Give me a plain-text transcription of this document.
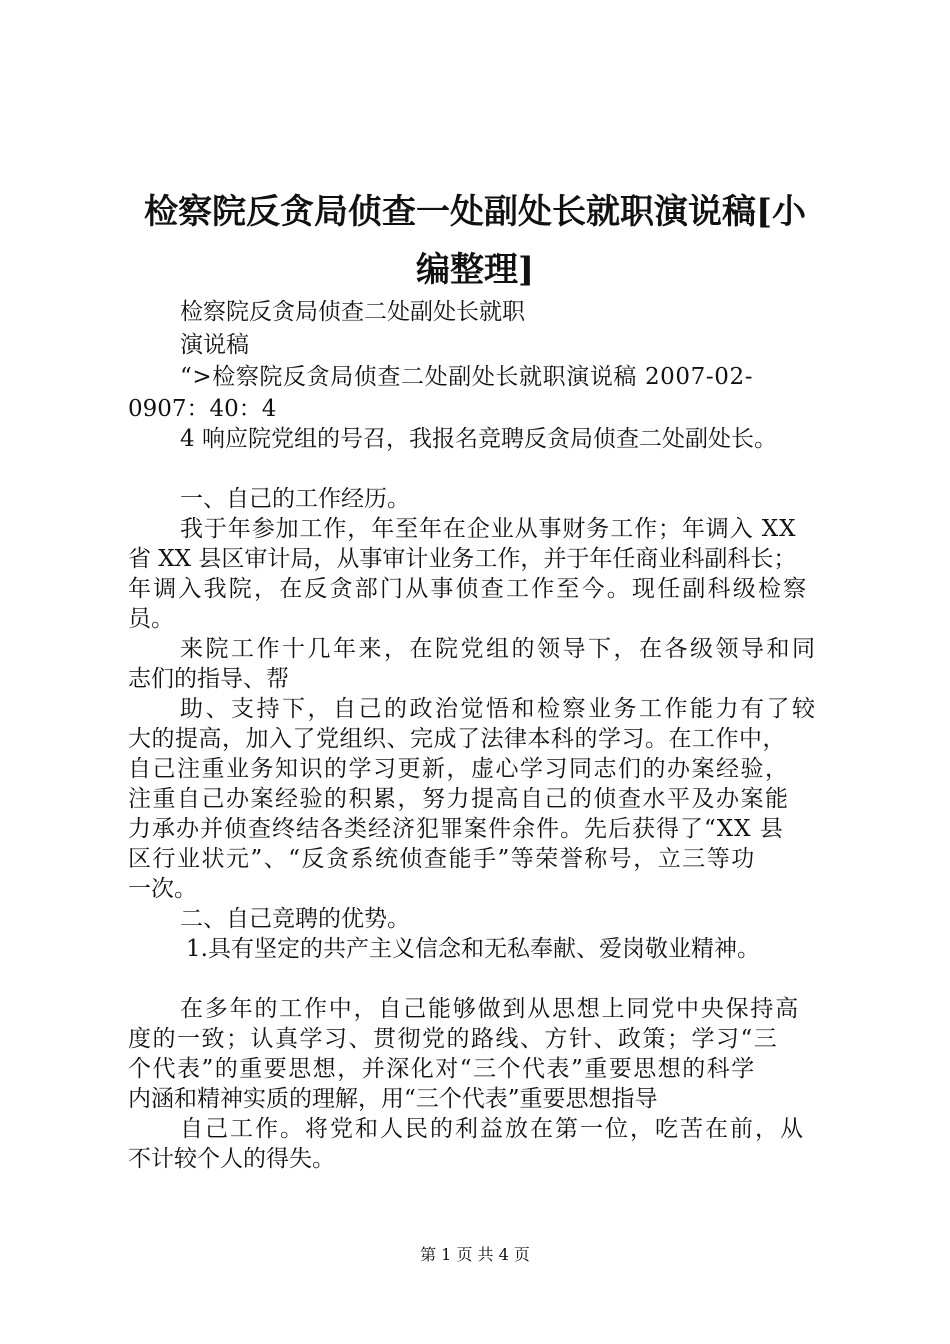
检察院反贪局侦查一处副处长就职演说稿[小
编整理]
检察院反贪局侦查二处副处长就职
演说稿
“>检察院反贪局侦查二处副处长就职演说稿 2007-02-
0907：40：4
4 响应院党组的号召，我报名竞聘反贪局侦查二处副处长。
一、自己的工作经历。
我于年参加工作，年至年在企业从事财务工作；年调入 XX
省 XX 县区审计局，从事审计业务工作，并于年任商业科副科长；
年调入我院，在反贪部门从事侦查工作至今。现任副科级检察
员。
来院工作十几年来，在院党组的领导下，在各级领导和同
志们的指导、帮
助、支持下，自己的政治觉悟和检察业务工作能力有了较
大的提高，加入了党组织、完成了法律本科的学习。在工作中，
自己注重业务知识的学习更新，虚心学习同志们的办案经验，
注重自己办案经验的积累，努力提高自己的侦查水平及办案能
力承办并侦查终结各类经济犯罪案件余件。先后获得了“XX 县
区行业状元”、“反贪系统侦查能手”等荣誉称号，立三等功
一次。
二、自己竞聘的优势。
1.具有坚定的共产主义信念和无私奉献、爱岗敬业精神。
在多年的工作中，自己能够做到从思想上同党中央保持高
度的一致；认真学习、贯彻党的路线、方针、政策；学习“三
个代表”的重要思想，并深化对“三个代表”重要思想的科学
内涵和精神实质的理解，用“三个代表”重要思想指导
自己工作。将党和人民的利益放在第一位，吃苦在前，从
不计较个人的得失。
第 1 页 共 4 页
